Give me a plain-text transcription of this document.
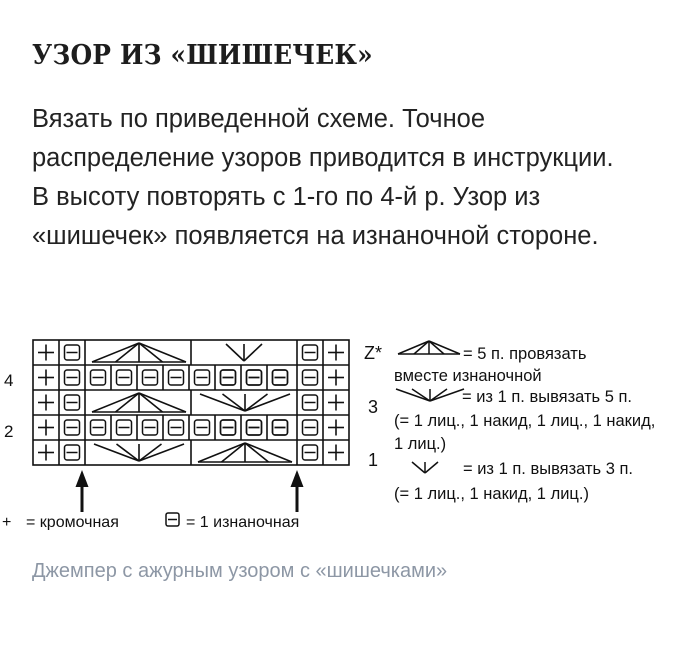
УЗОР ИЗ «ШИШЕЧЕК»
Вязать по приведенной схеме. Точное
распределение узоров приводится в инструкции.
В высоту повторять с 1-го по 4-й р. Узор из
«шишечек» появляется на изнаночной стороне.
4
2
+ = кромочная	= 1 изнаночная
Z*	= 5 п. провязать
вместе изнаночной
3	= из 1 п. вывязать 5 п.
(= 1 лиц., 1 накид, 1 лиц., 1 накид,
1 лиц.)
1	= из 1 п. вывязать 3 п.
(= 1 лиц., 1 накид, 1 лиц.)
Джемпер с ажурным узором с «шишечками»
